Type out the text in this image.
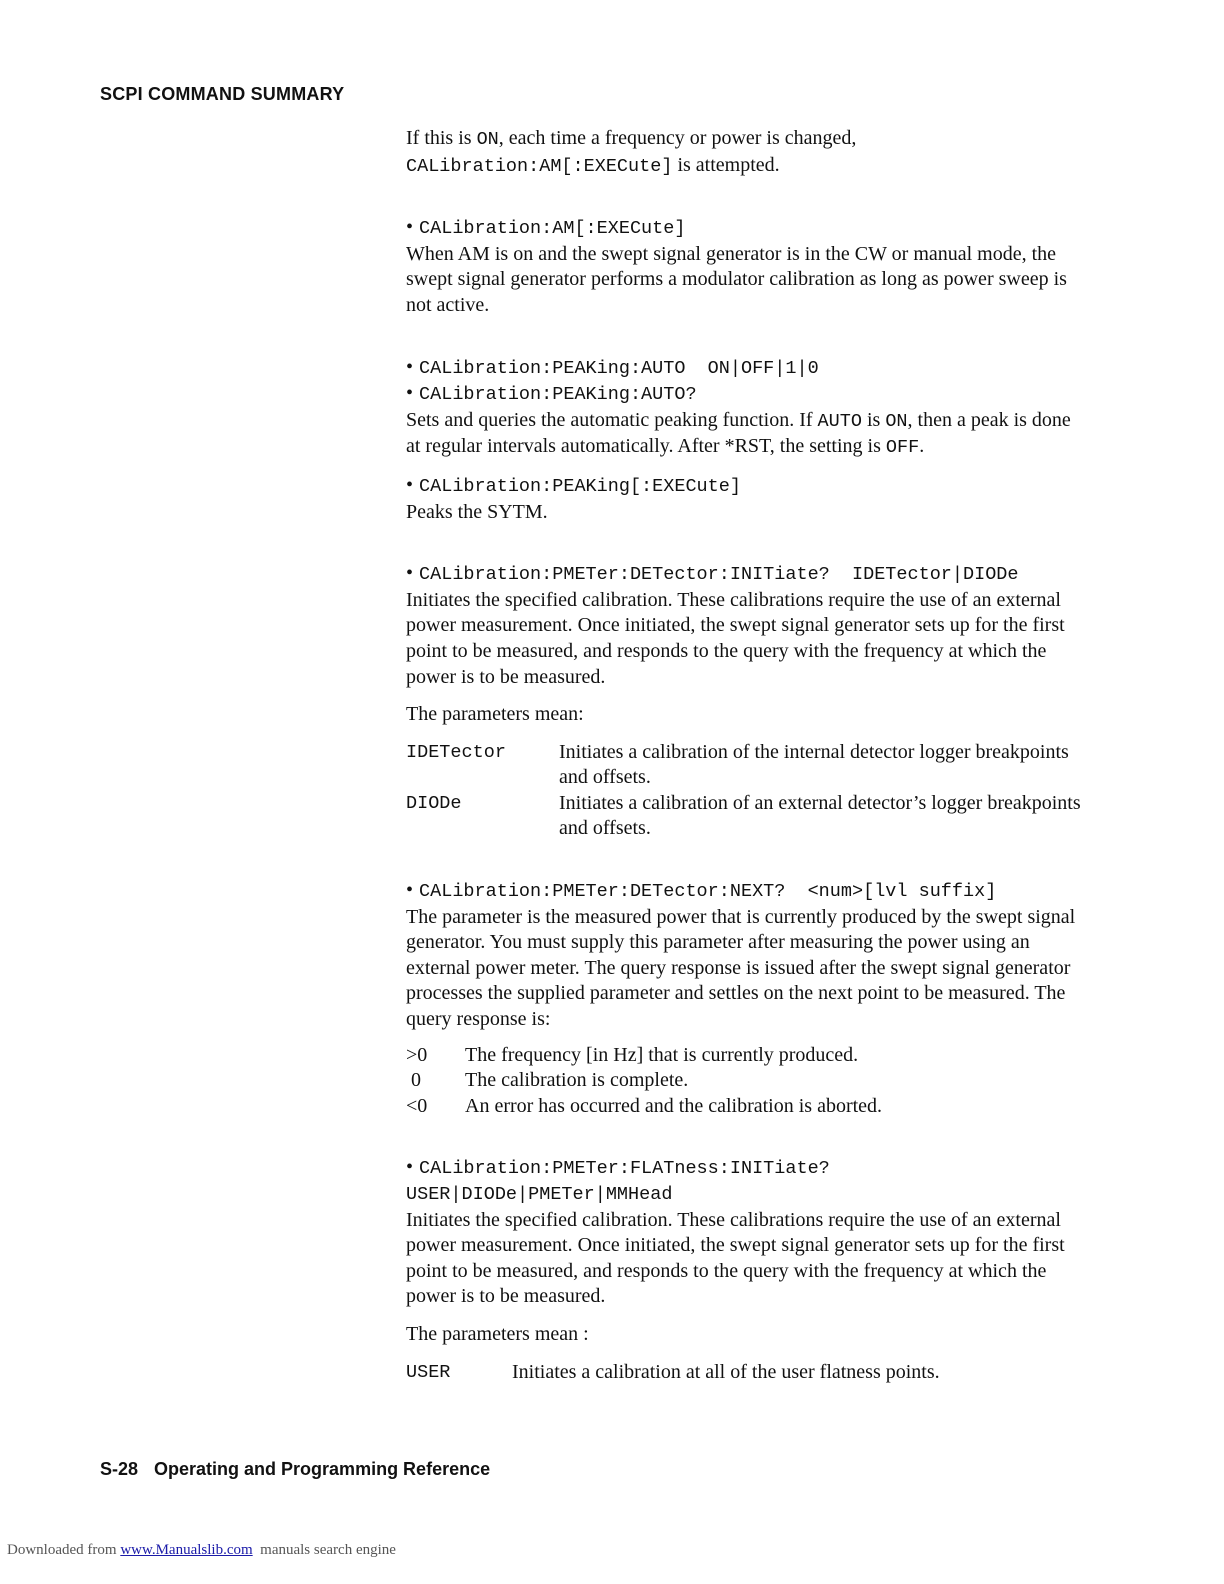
SCPI COMMAND SUMMARY

If this is ON, each time a frequency or power is changed,
CALibration:AM[:EXECute] is attempted.

• CALibration:AM[:EXECute]
When AM is on and the swept signal generator is in the CW or manual mode, the swept signal generator performs a modulator calibration as long as power sweep is not active.
• CALibration:PEAKing:AUTO  ON|OFF|1|0
• CALibration:PEAKing:AUTO?
Sets and queries the automatic peaking function. If AUTO is ON, then a peak is done at regular intervals automatically. After *RST, the setting is OFF.
• CALibration:PEAKing[:EXECute]
Peaks the SYTM.
• CALibration:PMETer:DETector:INITiate?  IDETector|DIODe
Initiates the specified calibration. These calibrations require the use of an external power measurement. Once initiated, the swept signal generator sets up for the first point to be measured, and responds to the query with the frequency at which the power is to be measured.
The parameters mean:
IDETector	Initiates a calibration of the internal detector logger breakpoints and offsets.
DIODe	Initiates a calibration of an external detector’s logger breakpoints and offsets.
• CALibration:PMETer:DETector:NEXT?  <num>[lvl suffix]
The parameter is the measured power that is currently produced by the swept signal generator. You must supply this parameter after measuring the power using an external power meter. The query response is issued after the swept signal generator processes the supplied parameter and settles on the next point to be measured. The query response is:
>0	The frequency [in Hz] that is currently produced.
0	The calibration is complete.
<0	An error has occurred and the calibration is aborted.
• CALibration:PMETer:FLATness:INITiate?
USER|DIODe|PMETer|MMHead
Initiates the specified calibration. These calibrations require the use of an external power measurement. Once initiated, the swept signal generator sets up for the first point to be measured, and responds to the query with the frequency at which the power is to be measured.
The parameters mean :
USER	Initiates a calibration at all of the user flatness points.
S-28 Operating and Programming Reference
Downloaded from www.Manualslib.com  manuals search engine
